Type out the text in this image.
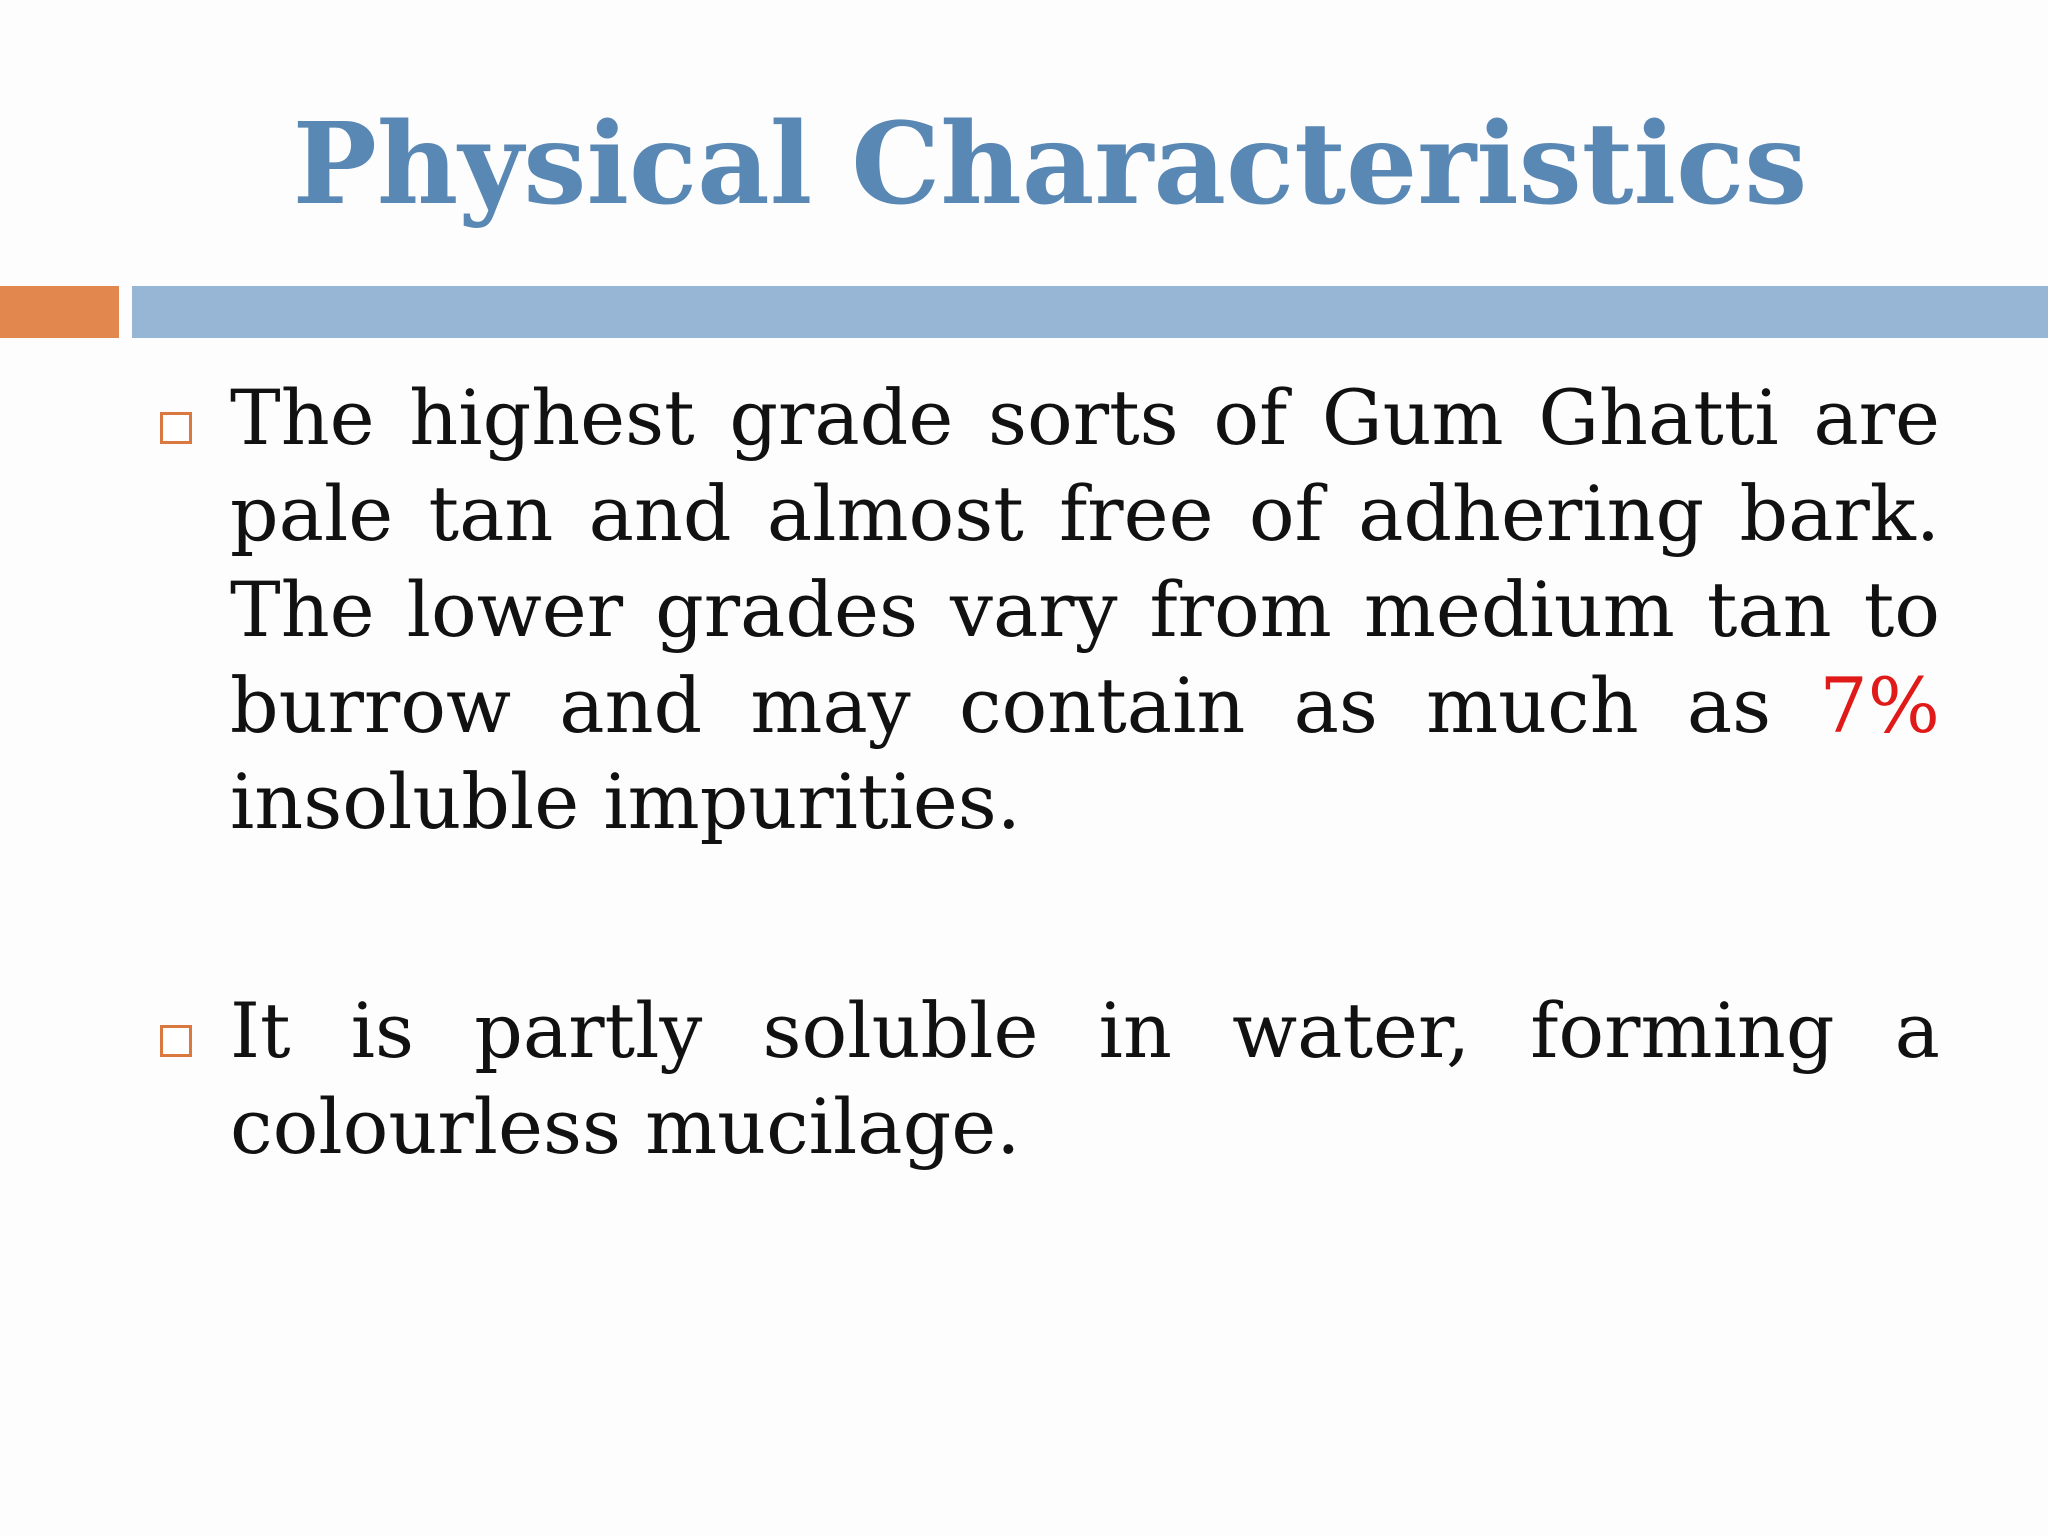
Physical Characteristics

The highest grade sorts of Gum Ghatti are pale tan and almost free of adhering bark. The lower grades vary from medium tan to burrow and may contain as much as 7% insoluble impurities.

It is partly soluble in water, forming a colourless mucilage.
